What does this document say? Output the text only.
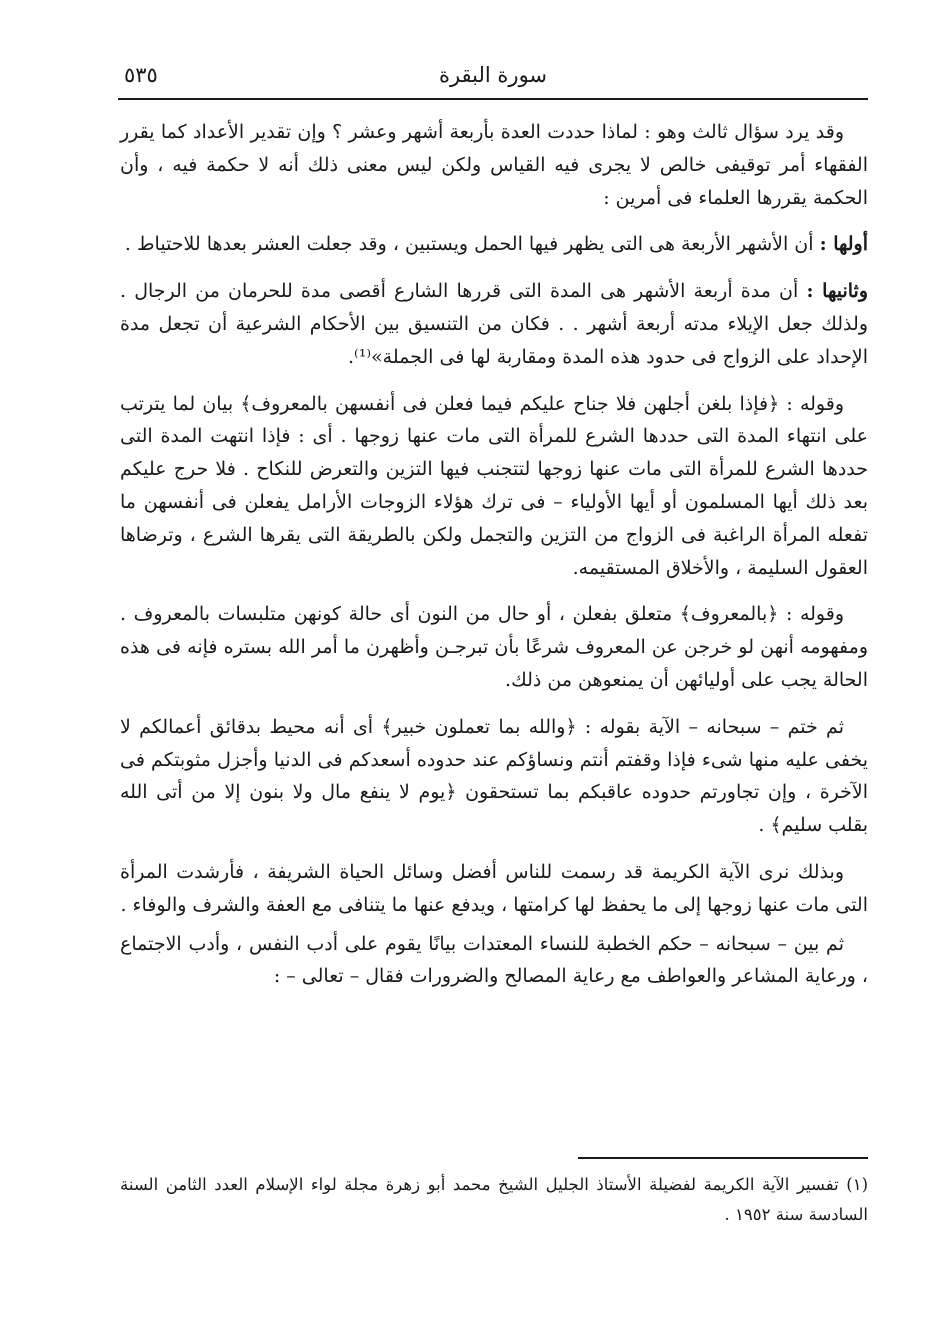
سورة البقرة
٥٣٥

وقد يرد سؤال ثالث وهو : لماذا حددت العدة بأربعة أشهر وعشر ؟ وإن تقدير الأعداد كما يقرر الفقهاء أمر توقيفى خالص لا يجرى فيه القياس ولكن ليس معنى ذلك أنه لا حكمة فيه ، وأن الحكمة يقررها العلماء فى أمرين :

أولها : أن الأشهر الأربعة هى التى يظهر فيها الحمل ويستبين ، وقد جعلت العشر بعدها للاحتياط .

وثانيها : أن مدة أربعة الأشهر هى المدة التى قررها الشارع أقصى مدة للحرمان من الرجال . ولذلك جعل الإيلاء مدته أربعة أشهر . . فكان من التنسيق بين الأحكام الشرعية أن تجعل مدة الإحداد على الزواج فى حدود هذه المدة ومقاربة لها فى الجملة»⁽¹⁾.

وقوله : ﴿فإذا بلغن أجلهن فلا جناح عليكم فيما فعلن فى أنفسهن بالمعروف﴾ بيان لما يترتب على انتهاء المدة التى حددها الشرع للمرأة التى مات عنها زوجها . أى : فإذا انتهت المدة التى حددها الشرع للمرأة التى مات عنها زوجها لتتجنب فيها التزين والتعرض للنكاح . فلا حرج عليكم بعد ذلك أيها المسلمون أو أيها الأولياء – فى ترك هؤلاء الزوجات الأرامل يفعلن فى أنفسهن ما تفعله المرأة الراغبة فى الزواج من التزين والتجمل ولكن بالطريقة التى يقرها الشرع ، وترضاها العقول السليمة ، والأخلاق المستقيمه.

وقوله : ﴿بالمعروف﴾ متعلق بفعلن ، أو حال من النون أى حالة كونهن متلبسات بالمعروف . ومفهومه أنهن لو خرجن عن المعروف شرعًا بأن تبرجـن وأظهرن ما أمر الله بستره فإنه فى هذه الحالة يجب على أوليائهن أن يمنعوهن من ذلك.

ثم ختم – سبحانه – الآية بقوله : ﴿والله بما تعملون خبير﴾ أى أنه محيط بدقائق أعمالكم لا يخفى عليه منها شىء فإذا وقفتم أنتم ونساؤكم عند حدوده أسعدكم فى الدنيا وأجزل مثوبتكم فى الآخرة ، وإن تجاورتم حدوده عاقبكم بما تستحقون ﴿يوم لا ينفع مال ولا بنون إلا من أتى الله بقلب سليم﴾ .

وبذلك نرى الآية الكريمة قد رسمت للناس أفضل وسائل الحياة الشريفة ، فأرشدت المرأة التى مات عنها زوجها إلى ما يحفظ لها كرامتها ، ويدفع عنها ما يتنافى مع العفة والشرف والوفاء .

ثم بين – سبحانه – حكم الخطبة للنساء المعتدات بيانًا يقوم على أدب النفس ، وأدب الاجتماع ، ورعاية المشاعر والعواطف مع رعاية المصالح والضرورات فقال – تعالى – :

(١) تفسير الآية الكريمة لفضيلة الأستاذ الجليل الشيخ محمد أبو زهرة مجلة لواء الإسلام العدد الثامن السنة السادسة سنة ١٩٥٢ .
